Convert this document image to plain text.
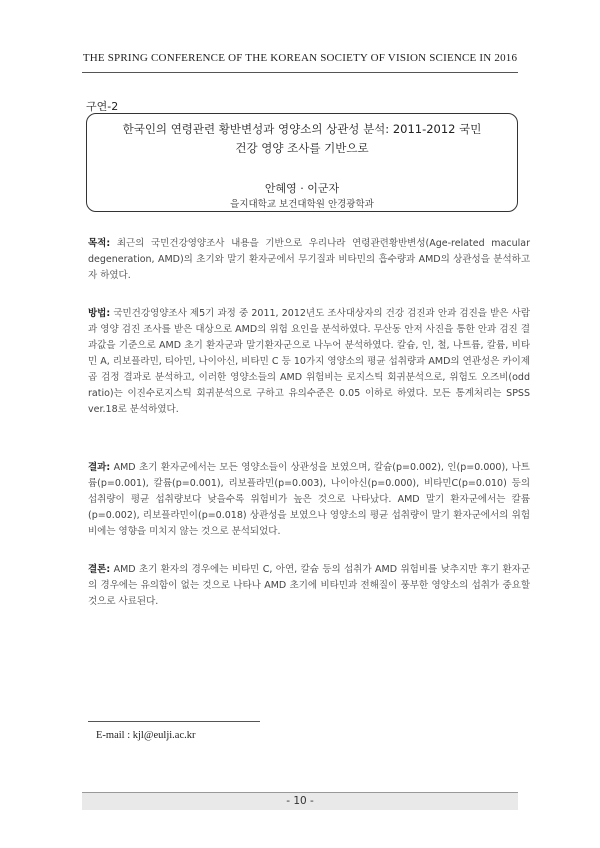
THE SPRING CONFERENCE OF THE KOREAN SOCIETY OF VISION SCIENCE IN 2016
구연-2
한국인의 연령관련 황반변성과 영양소의 상관성 분석: 2011-2012 국민
건강 영양 조사를 기반으로
안혜영 · 이군자
을지대학교 보건대학원 안경광학과
목적: 최근의 국민건강영양조사 내용을 기반으로 우리나라 연령관련황반변성(Age-related macular degeneration, AMD)의 초기와 말기 환자군에서 무기질과 비타민의 흡수량과 AMD의 상관성을 분석하고자 하였다.
방법: 국민건강영양조사 제5기 과정 중 2011, 2012년도 조사대상자의 건강 검진과 안과 검진을 받은 사람과 영양 검진 조사를 받은 대상으로 AMD의 위험 요인을 분석하였다. 무산동 안저 사진을 통한 안과 검진 결과값을 기준으로 AMD 초기 환자군과 말기환자군으로 나누어 분석하였다. 칼슘, 인, 철, 나트륨, 칼륨, 비타민 A, 리보플라민, 티아민, 나이아신, 비타민 C 등 10가지 영양소의 평균 섭취량과 AMD의 연관성은 카이제곱 검정 결과로 분석하고, 이러한 영양소들의 AMD 위험비는 로지스틱 회귀분석으로, 위험도 오즈비(odd ratio)는 이진수로지스틱 회귀분석으로 구하고 유의수준은 0.05 이하로 하였다. 모든 통계처리는 SPSS ver.18로 분석하였다.
결과: AMD 초기 환자군에서는 모든 영양소들이 상관성을 보였으며, 칼슘(p=0.002), 인(p=0.000), 나트륨(p=0.001), 칼륨(p=0.001), 리보플라민(p=0.003), 나이아신(p=0.000), 비타민C(p=0.010) 등의 섭취량이 평균 섭취량보다 낮을수록 위험비가 높은 것으로 나타났다. AMD 말기 환자군에서는 칼륨(p=0.002), 리보플라민이(p=0.018) 상관성을 보였으나 영양소의 평균 섭취량이 말기 환자군에서의 위험비에는 영향을 미치지 않는 것으로 분석되었다.
결론: AMD 초기 환자의 경우에는 비타민 C, 아연, 칼슘 등의 섭취가 AMD 위험비를 낮추지만 후기 환자군의 경우에는 유의함이 없는 것으로 나타나 AMD 초기에 비타민과 전해질이 풍부한 영양소의 섭취가 중요할 것으로 사료된다.
E-mail : kjl@eulji.ac.kr
- 10 -
